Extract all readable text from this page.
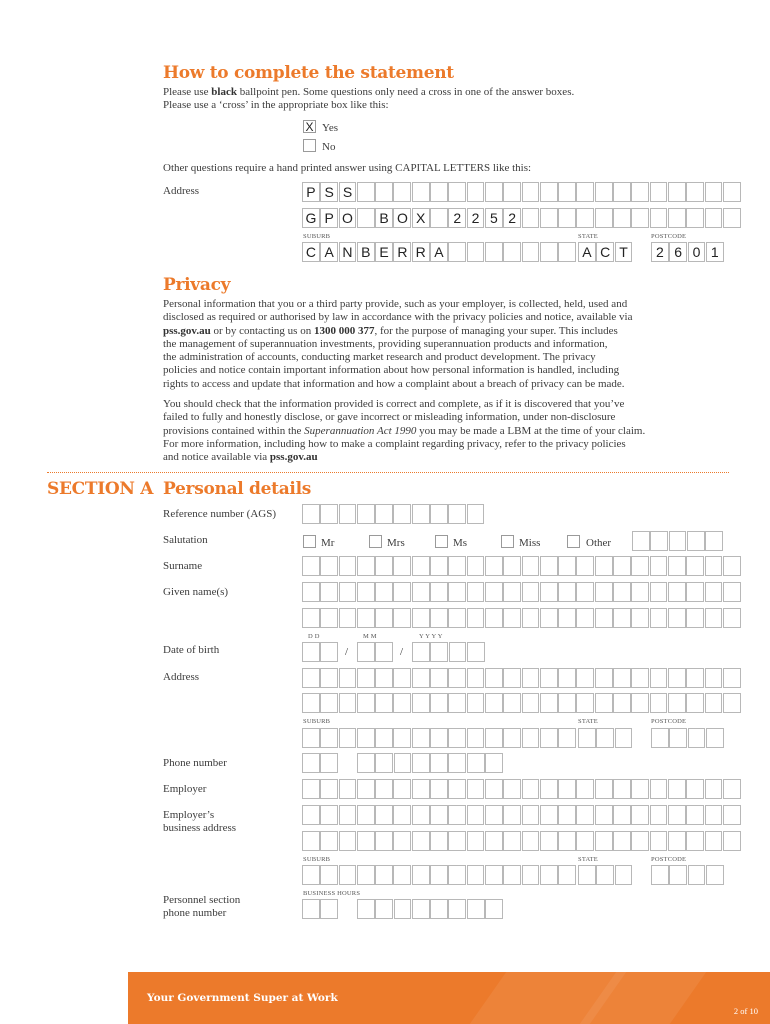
How to complete the statement
Please use black ballpoint pen. Some questions only need a cross in one of the answer boxes.
Please use a ‘cross’ in the appropriate box like this:
X Yes
No
Other questions require a hand printed answer using CAPITAL LETTERS like this:
Address	P S S
G P O	B O X	2 2 5 2
SUBURB	STATE	POSTCODE
C A N B E R R A	A C T	2 6 0 1
Privacy
Personal information that you or a third party provide, such as your employer, is collected, held, used and
disclosed as required or authorised by law in accordance with the privacy policies and notice, available via
pss.gov.au or by contacting us on 1300 000 377, for the purpose of managing your super. This includes
the management of superannuation investments, providing superannuation products and information,
the administration of accounts, conducting market research and product development. The privacy
policies and notice contain important information about how personal information is handled, including
rights to access and update that information and how a complaint about a breach of privacy can be made.
You should check that the information provided is correct and complete, as if it is discovered that you’ve
failed to fully and honestly disclose, or gave incorrect or misleading information, under non-disclosure
provisions contained within the Superannuation Act 1990 you may be made a LBM at the time of your claim.
For more information, including how to make a complaint regarding privacy, refer to the privacy policies
and notice available via pss.gov.au
SECTION A Personal details
Reference number (AGS)
Salutation	Mr	Mrs	Ms	Miss	Other
Surname
Given name(s)
D D	M M	Y Y Y Y
Date of birth	/	/
Address
SUBURB	STATE	POSTCODE
Phone number
Employer
Employer’s
business address
SUBURB	STATE	POSTCODE
BUSINESS HOURS
Personnel section
phone number
Your Government Super at Work
2 of 10
